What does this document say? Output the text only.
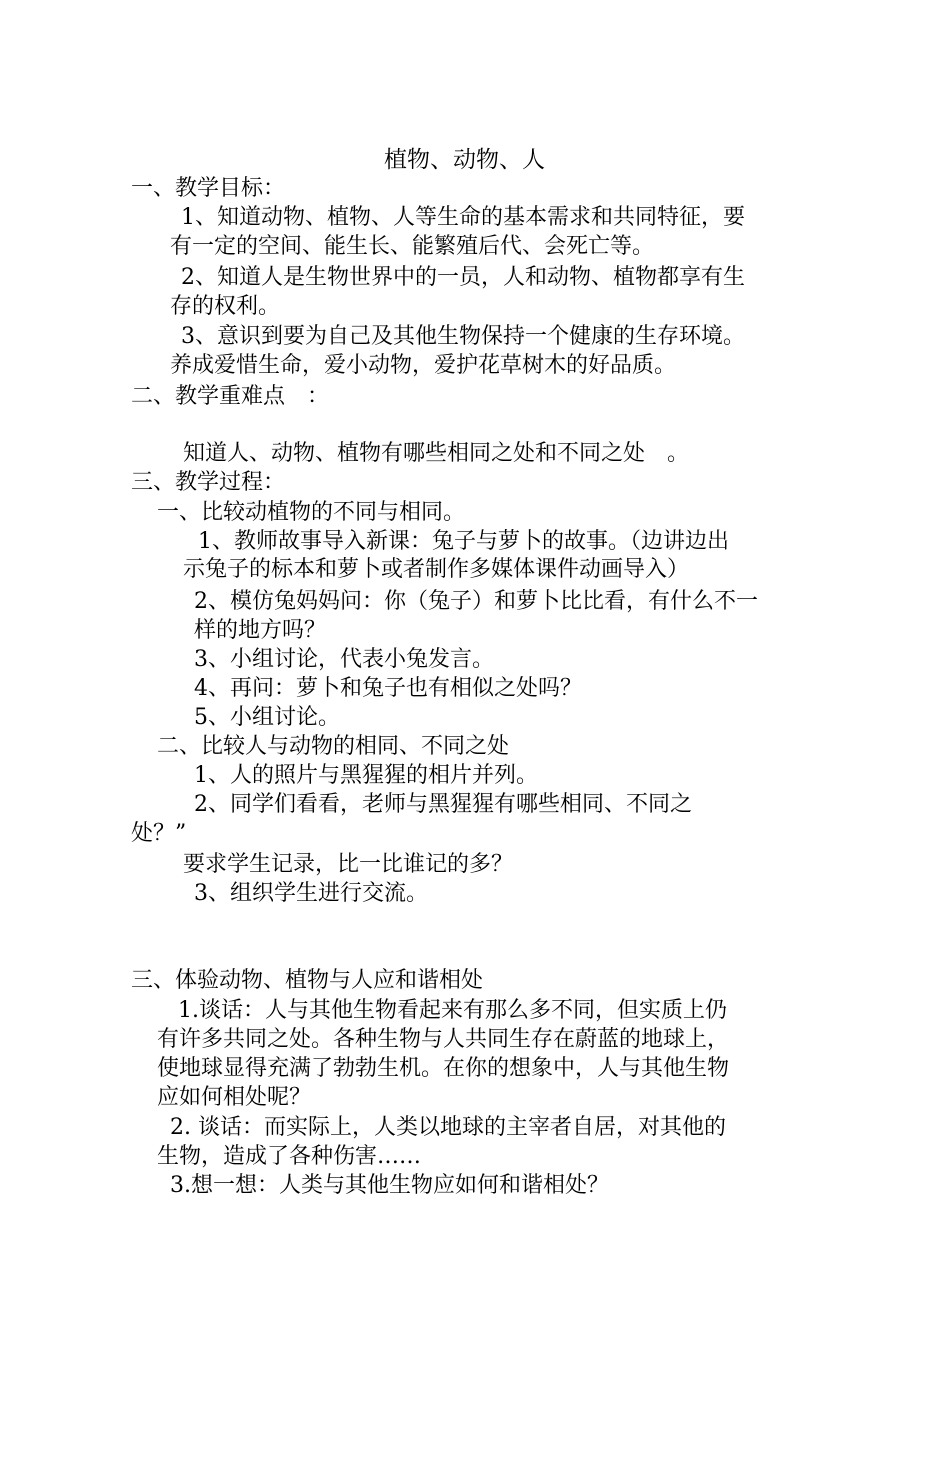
植物、动物、人
一、教学目标：
1、知道动物、植物、人等生命的基本需求和共同特征，要
有一定的空间、能生长、能繁殖后代、会死亡等。
2、知道人是生物世界中的一员，人和动物、植物都享有生
存的权利。
3、意识到要为自己及其他生物保持一个健康的生存环境。
养成爱惜生命，爱小动物，爱护花草树木的好品质。
二、教学重难点　：
知道人、动物、植物有哪些相同之处和不同之处　。
三、教学过程：
一、比较动植物的不同与相同。
1、教师故事导入新课：兔子与萝卜的故事。（边讲边出
示兔子的标本和萝卜或者制作多媒体课件动画导入）
2、模仿兔妈妈问：你（兔子）和萝卜比比看，有什么不一
样的地方吗？
3、小组讨论，代表小兔发言。
4、再问：萝卜和兔子也有相似之处吗？
5、小组讨论。
二、比较人与动物的相同、不同之处
1、人的照片与黑猩猩的相片并列。
2、同学们看看，老师与黑猩猩有哪些相同、不同之
处？”
要求学生记录，比一比谁记的多？
3、组织学生进行交流。
三、体验动物、植物与人应和谐相处
1.谈话：人与其他生物看起来有那么多不同，但实质上仍
有许多共同之处。各种生物与人共同生存在蔚蓝的地球上，
使地球显得充满了勃勃生机。在你的想象中，人与其他生物
应如何相处呢？
2. 谈话：而实际上，人类以地球的主宰者自居，对其他的
生物，造成了各种伤害……
3.想一想：人类与其他生物应如何和谐相处？
